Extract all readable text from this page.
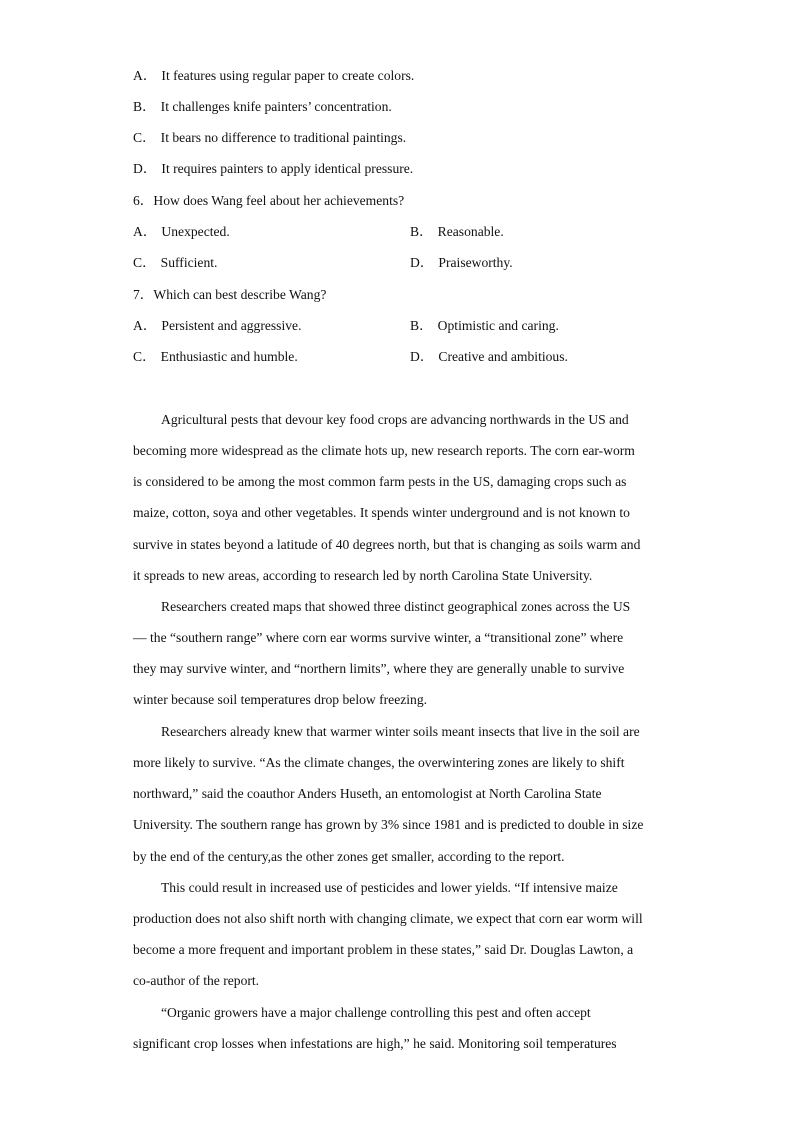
A． It features using regular paper to create colors.
B． It challenges knife painters’ concentration.
C． It bears no difference to traditional paintings.
D． It requires painters to apply identical pressure.
6．How does Wang feel about her achievements?
A． Unexpected.	B． Reasonable.
C． Sufficient.	D． Praiseworthy.
7．Which can best describe Wang?
A． Persistent and aggressive.	B． Optimistic and caring.
C． Enthusiastic and humble.	D． Creative and ambitious.
Agricultural pests that devour key food crops are advancing northwards in the US and
becoming more widespread as the climate hots up, new research reports. The corn ear-worm
is considered to be among the most common farm pests in the US, damaging crops such as
maize, cotton, soya and other vegetables. It spends winter underground and is not known to
survive in states beyond a latitude of 40 degrees north, but that is changing as soils warm and
it spreads to new areas, according to research led by north Carolina State University.
Researchers created maps that showed three distinct geographical zones across the US
— the “southern range” where corn ear worms survive winter, a “transitional zone” where
they may survive winter, and “northern limits”, where they are generally unable to survive
winter because soil temperatures drop below freezing.
Researchers already knew that warmer winter soils meant insects that live in the soil are
more likely to survive. “As the climate changes, the overwintering zones are likely to shift
northward,” said the coauthor Anders Huseth, an entomologist at North Carolina State
University. The southern range has grown by 3% since 1981 and is predicted to double in size
by the end of the century,as the other zones get smaller, according to the report.
This could result in increased use of pesticides and lower yields. “If intensive maize
production does not also shift north with changing climate, we expect that corn ear worm will
become a more frequent and important problem in these states,” said Dr. Douglas Lawton, a
co-author of the report.
“Organic growers have a major challenge controlling this pest and often accept
significant crop losses when infestations are high,” he said. Monitoring soil temperatures
